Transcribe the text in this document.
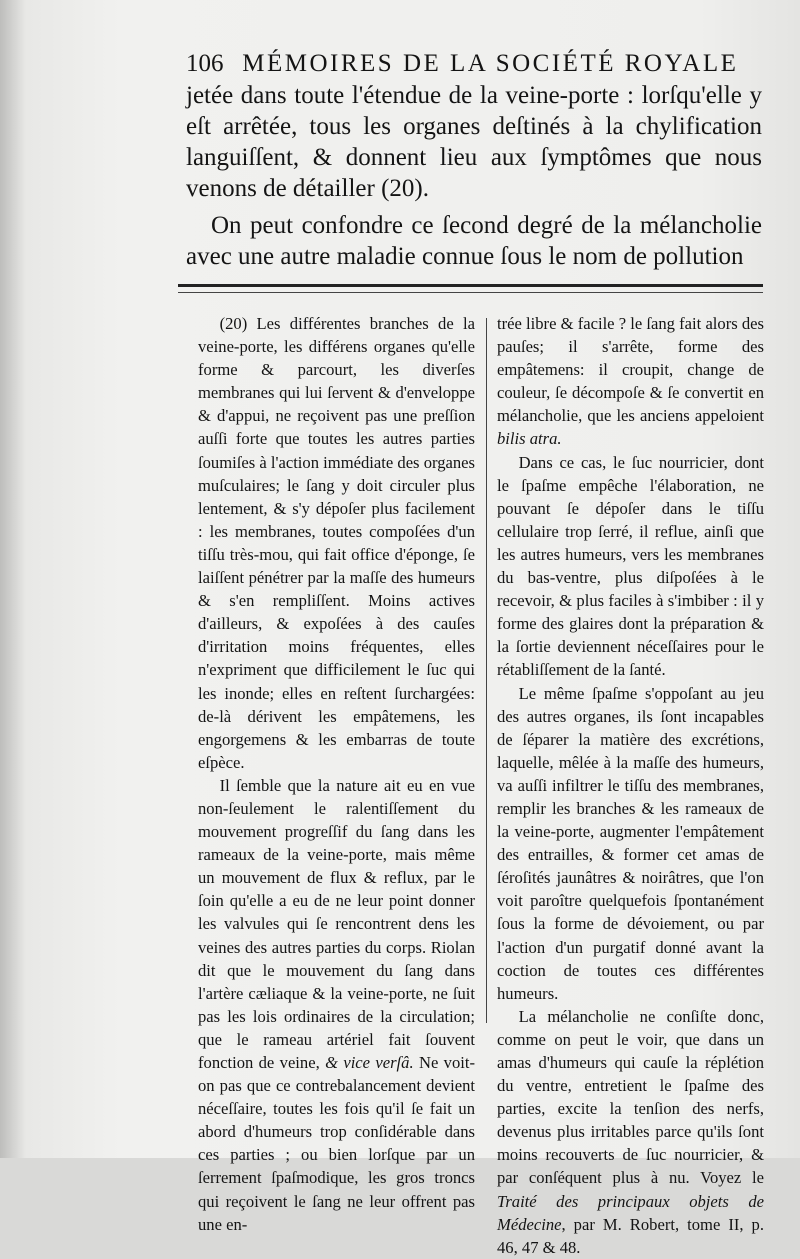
106 MÉMOIRES DE LA SOCIÉTÉ ROYALE

jetée dans toute l'étendue de la veine-porte : lorſqu'elle y eſt arrêtée, tous les organes deſtinés à la chylification languiſſent, & donnent lieu aux ſymptômes que nous venons de détailler (20).

On peut confondre ce ſecond degré de la mélancholie avec une autre maladie connue ſous le nom de pollution

(20) Les différentes branches de la veine-porte, les différens organes qu'elle forme & parcourt, les diverſes membranes qui lui ſervent & d'enveloppe & d'appui, ne reçoivent pas une preſſion auſſi forte que toutes les autres parties ſoumiſes à l'action immédiate des organes muſculaires; le ſang y doit circuler plus lentement, & s'y dépoſer plus facilement : les membranes, toutes compoſées d'un tiſſu très-mou, qui fait office d'éponge, ſe laiſſent pénétrer par la maſſe des humeurs & s'en rempliſſent. Moins actives d'ailleurs, & expoſées à des cauſes d'irritation moins fréquentes, elles n'expriment que difficilement le ſuc qui les inonde; elles en reſtent ſurchargées: de-là dérivent les empâtemens, les engorgemens & les embarras de toute eſpèce.

Il ſemble que la nature ait eu en vue non-ſeulement le ralentiſſement du mouvement progreſſif du ſang dans les rameaux de la veine-porte, mais même un mouvement de flux & reflux, par le ſoin qu'elle a eu de ne leur point donner les valvules qui ſe rencontrent dens les veines des autres parties du corps. Riolan dit que le mouvement du ſang dans l'artère cæliaque & la veine-porte, ne ſuit pas les lois ordinaires de la circulation; que le rameau artériel fait ſouvent fonction de veine, & vice verſâ. Ne voit-on pas que ce contrebalancement devient néceſſaire, toutes les fois qu'il ſe fait un abord d'humeurs trop conſidérable dans ces parties ; ou bien lorſque par un ſerrement ſpaſmodique, les gros troncs qui reçoivent le ſang ne leur offrent pas une en-

trée libre & facile ? le ſang fait alors des pauſes; il s'arrête, forme des empâtemens: il croupit, change de couleur, ſe décompoſe & ſe convertit en mélancholie, que les anciens appeloient bilis atra.

Dans ce cas, le ſuc nourricier, dont le ſpaſme empêche l'élaboration, ne pouvant ſe dépoſer dans le tiſſu cellulaire trop ſerré, il reflue, ainſi que les autres humeurs, vers les membranes du bas-ventre, plus diſpoſées à le recevoir, & plus faciles à s'imbiber : il y forme des glaires dont la préparation & la ſortie deviennent néceſſaires pour le rétabliſſement de la ſanté.

Le même ſpaſme s'oppoſant au jeu des autres organes, ils ſont incapables de ſéparer la matière des excrétions, laquelle, mêlée à la maſſe des humeurs, va auſſi infiltrer le tiſſu des membranes, remplir les branches & les rameaux de la veine-porte, augmenter l'empâtement des entrailles, & former cet amas de ſéroſités jaunâtres & noirâtres, que l'on voit paroître quelquefois ſpontanément ſous la forme de dévoiement, ou par l'action d'un purgatif donné avant la coction de toutes ces différentes humeurs.

La mélancholie ne conſiſte donc, comme on peut le voir, que dans un amas d'humeurs qui cauſe la réplétion du ventre, entretient le ſpaſme des parties, excite la tenſion des nerfs, devenus plus irritables parce qu'ils ſont moins recouverts de ſuc nourricier, & par conſéquent plus à nu. Voyez le Traité des principaux objets de Médecine, par M. Robert, tome II, p. 46, 47 & 48.
